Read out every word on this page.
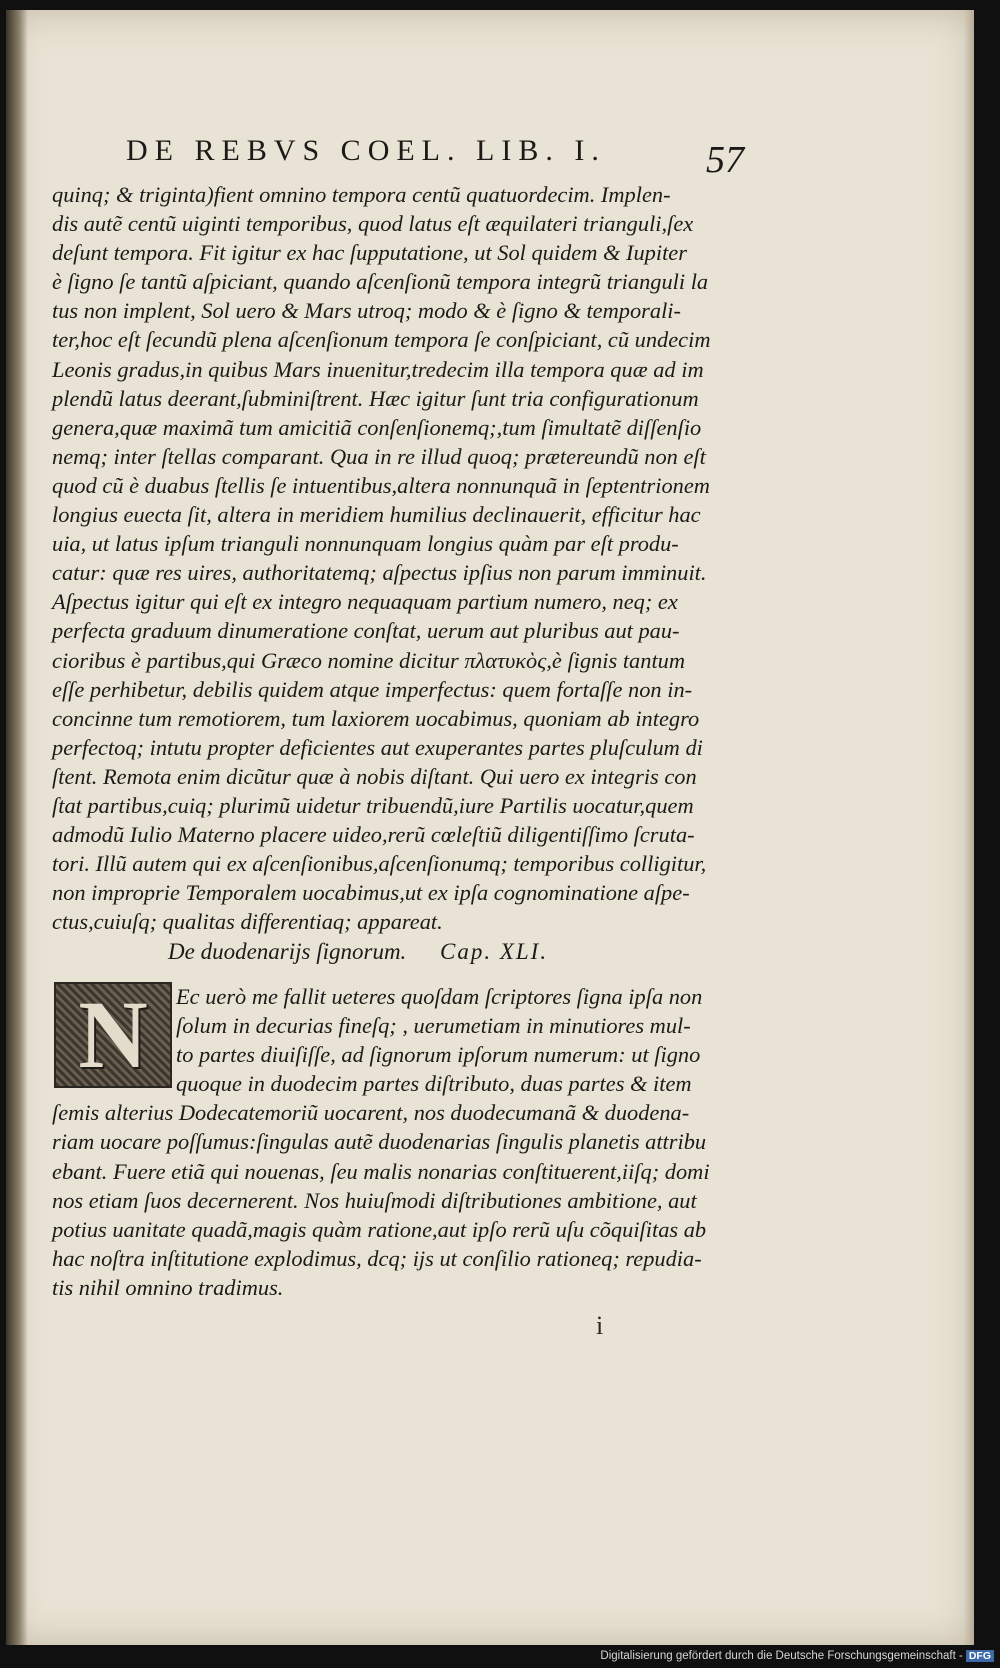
DE REBVS COEL. LIB. I.	57
quinq; & triginta)fient omnino tempora centũ quatuordecim. Implen-
dis autẽ centũ uiginti temporibus, quod latus eſt æquilateri trianguli,ſex
deſunt tempora. Fit igitur ex hac ſupputatione, ut Sol quidem & Iupiter
è ſigno ſe tantũ aſpiciant, quando aſcenſionũ tempora integrũ trianguli la
tus non implent, Sol uero & Mars utroq; modo & è ſigno & temporali-
ter,hoc eſt ſecundũ plena aſcenſionum tempora ſe conſpiciant, cũ undecim
Leonis gradus,in quibus Mars inuenitur,tredecim illa tempora quæ ad im
plendũ latus deerant,ſubminiſtrent. Hæc igitur ſunt tria configurationum
genera,quæ maximã tum amicitiã conſenſionemq;,tum ſimultatẽ diſſenſio
nemq; inter ſtellas comparant. Qua in re illud quoq; prætereundũ non eſt
quod cũ è duabus ſtellis ſe intuentibus,altera nonnunquã in ſeptentrionem
longius euecta ſit, altera in meridiem humilius declinauerit, efficitur hac
uia, ut latus ipſum trianguli nonnunquam longius quàm par eſt produ-
catur: quæ res uires, authoritatemq; aſpectus ipſius non parum imminuit.
Aſpectus igitur qui eſt ex integro nequaquam partium numero, neq; ex
perfecta graduum dinumeratione conſtat, uerum aut pluribus aut pau-
cioribus è partibus,qui Græco nomine dicitur πλατυκὸς,è ſignis tantum
eſſe perhibetur, debilis quidem atque imperfectus: quem fortaſſe non in-
concinne tum remotiorem, tum laxiorem uocabimus, quoniam ab integro
perfectoq; intutu propter deficientes aut exuperantes partes pluſculum di
ſtent. Remota enim dicũtur quæ à nobis diſtant. Qui uero ex integris con
ſtat partibus,cuiq; plurimũ uidetur tribuendũ,iure Partilis uocatur,quem
admodũ Iulio Materno placere uideo,rerũ cœleſtiũ diligentiſſimo ſcruta-
tori. Illũ autem qui ex aſcenſionibus,aſcenſionumq; temporibus colligitur,
non improprie Temporalem uocabimus,ut ex ipſa cognominatione aſpe-
ctus,cuiuſq; qualitas differentiaq; appareat.
De duodenarijs ſignorum. Cap. XLI.
Ec uerò me fallit ueteres quoſdam ſcriptores ſigna ipſa non
ſolum in decurias fineſq; , uerumetiam in minutiores mul-
to partes diuiſiſſe, ad ſignorum ipſorum numerum: ut ſigno
quoque in duodecim partes diſtributo, duas partes & item
ſemis alterius Dodecatemoriũ uocarent, nos duodecumanã & duodena-
riam uocare poſſumus:ſingulas autẽ duodenarias ſingulis planetis attribu
ebant. Fuere etiã qui nouenas, ſeu malis nonarias conſtituerent,iiſq; domi
nos etiam ſuos decernerent. Nos huiuſmodi diſtributiones ambitione, aut
potius uanitate quadã,magis quàm ratione,aut ipſo rerũ uſu cõquiſitas ab
hac noſtra inſtitutione explodimus, dcq; ijs ut conſilio rationeq; repudia-
tis nihil omnino tradimus.
N
i
Digitalisierung gefördert durch die Deutsche Forschungsgemeinschaft - DFG
